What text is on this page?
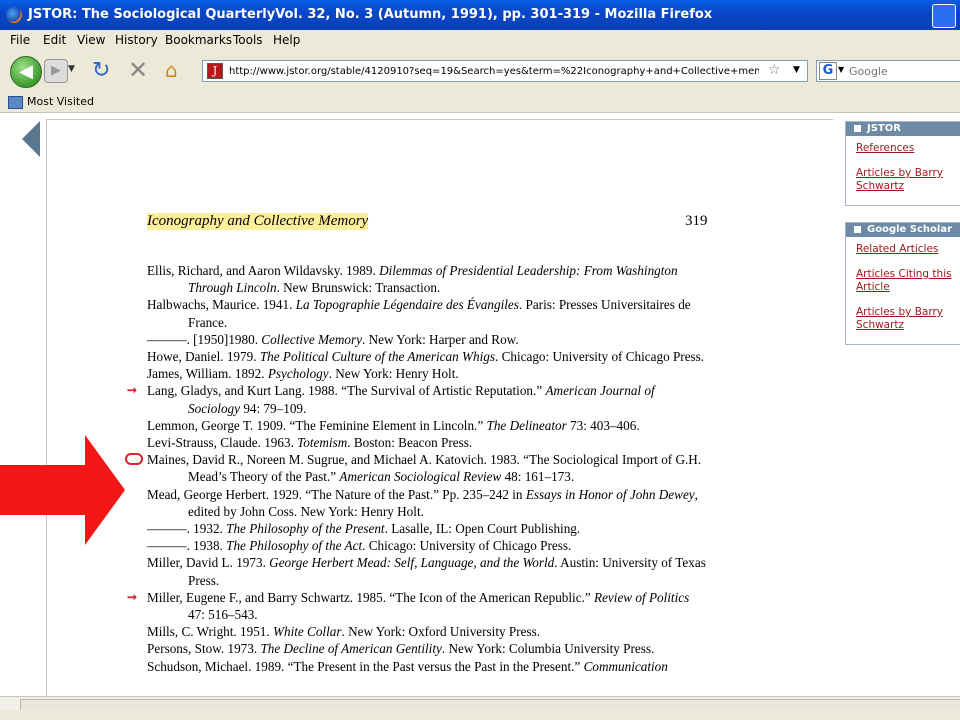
JSTOR: The Sociological QuarterlyVol. 32, No. 3 (Autumn, 1991), pp. 301-319 - Mozilla Firefox
File Edit View History Bookmarks Tools Help
◀	▶ ▼ ↻ ✕ ⌂	J
http://www.jstor.org/stable/4120910?seq=19&Search=yes&term=%22Iconography+and+Collective+memory	☆ ▼ G ▼
Google
Most Visited
Iconography and Collective Memory	319
Ellis, Richard, and Aaron Wildavsky. 1989. Dilemmas of Presidential Leadership: From Washington Through Lincoln. New Brunswick: Transaction.
Halbwachs, Maurice. 1941. La Topographie Légendaire des Évangiles. Paris: Presses Universitaires de France.
———. [1950]1980. Collective Memory. New York: Harper and Row.
Howe, Daniel. 1979. The Political Culture of the American Whigs. Chicago: University of Chicago Press.
James, William. 1892. Psychology. New York: Henry Holt.
➞ Lang, Gladys, and Kurt Lang. 1988. “The Survival of Artistic Reputation.” American Journal of Sociology 94: 79–109.
Lemmon, George T. 1909. “The Feminine Element in Lincoln.” The Delineator 73: 403–406.
Levi-Strauss, Claude. 1963. Totemism. Boston: Beacon Press.
Maines, David R., Noreen M. Sugrue, and Michael A. Katovich. 1983. “The Sociological Import of G.H. Mead’s Theory of the Past.” American Sociological Review 48: 161–173.
Mead, George Herbert. 1929. “The Nature of the Past.” Pp. 235–242 in Essays in Honor of John Dewey, edited by John Coss. New York: Henry Holt.
———. 1932. The Philosophy of the Present. Lasalle, IL: Open Court Publishing.
———. 1938. The Philosophy of the Act. Chicago: University of Chicago Press.
Miller, David L. 1973. George Herbert Mead: Self, Language, and the World. Austin: University of Texas Press.
➞ Miller, Eugene F., and Barry Schwartz. 1985. “The Icon of the American Republic.” Review of Politics 47: 516–543.
Mills, C. Wright. 1951. White Collar. New York: Oxford University Press.
Persons, Stow. 1973. The Decline of American Gentility. New York: Columbia University Press.
Schudson, Michael. 1989. “The Present in the Past versus the Past in the Present.” Communication
JSTOR
References
Articles by Barry Schwartz
Google Scholar
Related Articles
Articles Citing this Article
Articles by Barry Schwartz
